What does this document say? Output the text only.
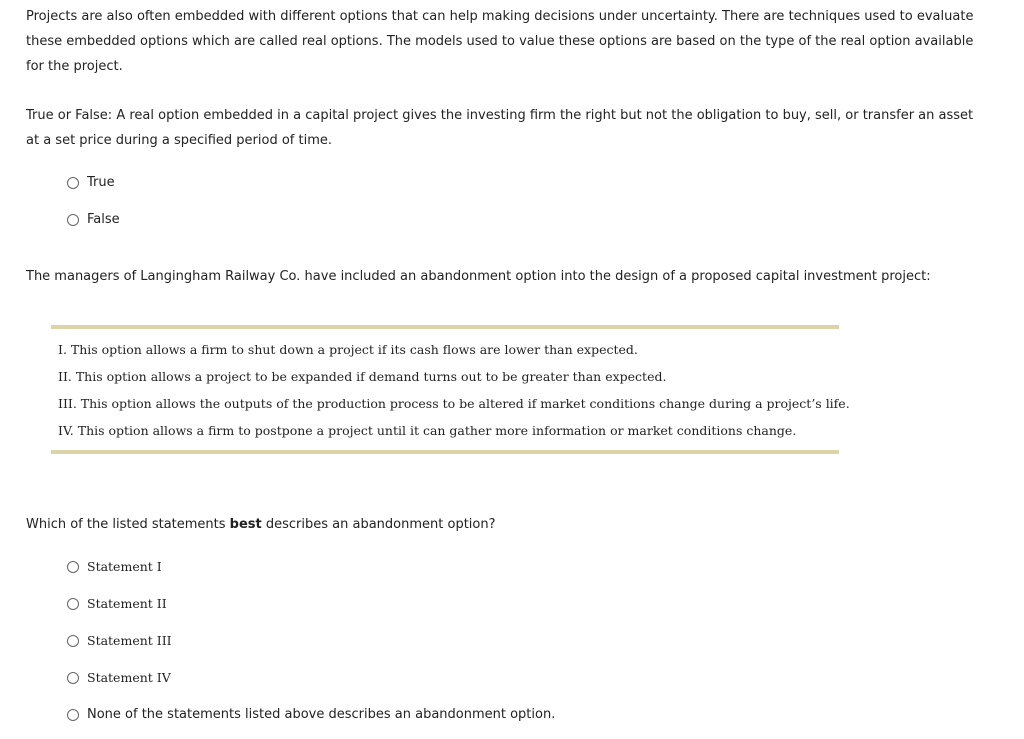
Projects are also often embedded with different options that can help making decisions under uncertainty. There are techniques used to evaluate these embedded options which are called real options. The models used to value these options are based on the type of the real option available for the project.

True or False: A real option embedded in a capital project gives the investing firm the right but not the obligation to buy, sell, or transfer an asset at a set price during a specified period of time.

True
False

The managers of Langingham Railway Co. have included an abandonment option into the design of a proposed capital investment project:

I. This option allows a firm to shut down a project if its cash flows are lower than expected.
II. This option allows a project to be expanded if demand turns out to be greater than expected.
III. This option allows the outputs of the production process to be altered if market conditions change during a project’s life.
IV. This option allows a firm to postpone a project until it can gather more information or market conditions change.

Which of the listed statements best describes an abandonment option?

Statement I
Statement II
Statement III
Statement IV
None of the statements listed above describes an abandonment option.
